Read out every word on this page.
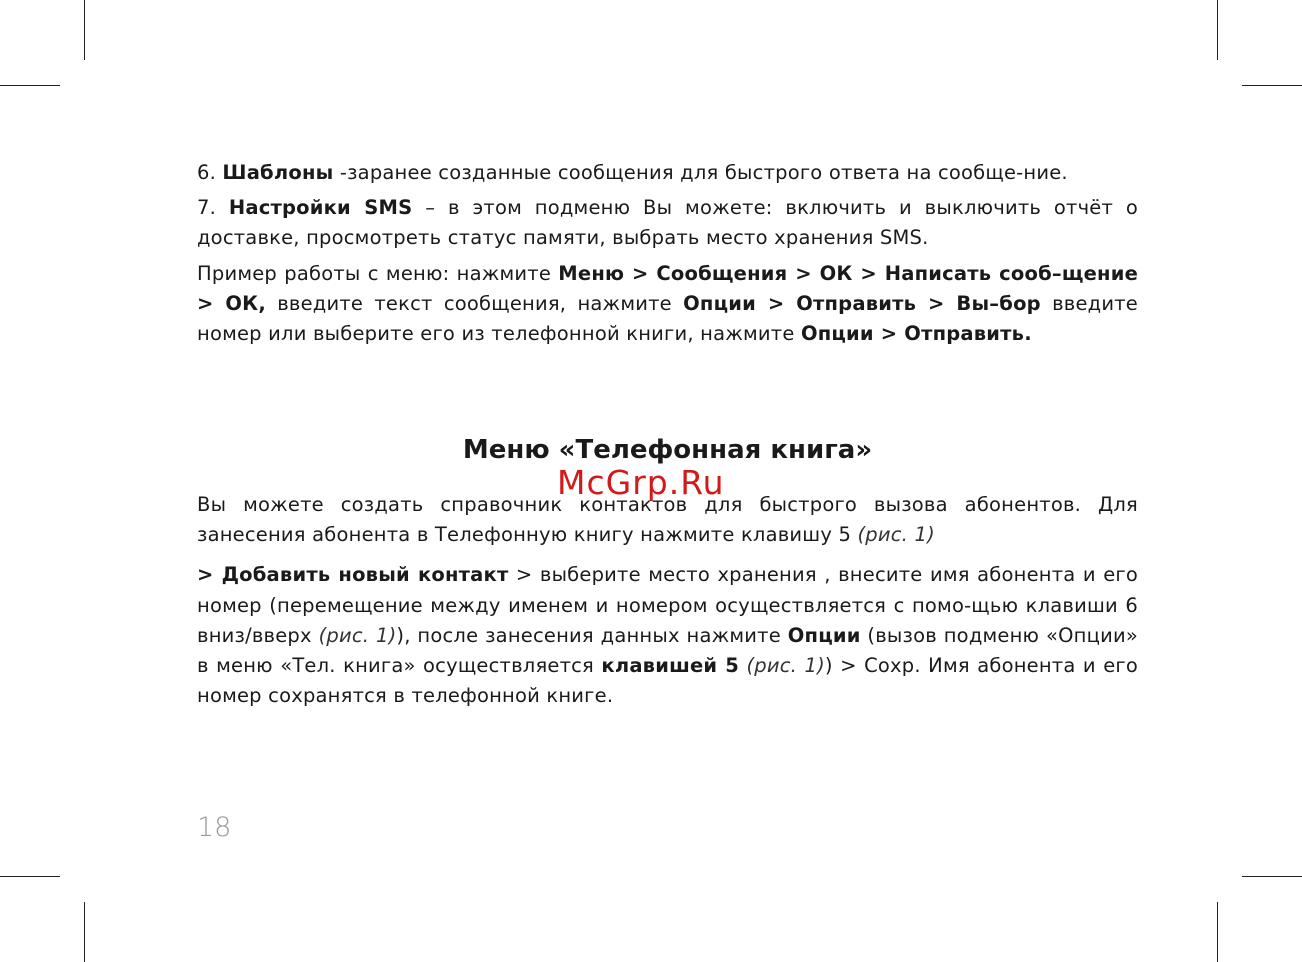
6. Шаблоны -заранее созданные сообщения для быстрого ответа на сообще-ние.

7. Настройки SMS – в этом подменю Вы можете: включить и выключить отчёт о доставке, просмотреть статус памяти, выбрать место хранения SMS.

Пример работы с меню: нажмите Меню > Сообщения > ОК > Написать сооб–щение > ОК, введите текст сообщения, нажмите Опции > Отправить > Вы–бор введите номер или выберите его из телефонной книги, нажмите Опции > Отправить.

Меню «Телефонная книга»
McGrp.Ru

Вы можете создать справочник контактов для быстрого вызова абонентов. Для занесения абонента в Телефонную книгу нажмите клавишу 5 (рис. 1)

> Добавить новый контакт > выберите место хранения , внесите имя абонента и его номер (перемещение между именем и номером осуществляется с помо-щью клавиши 6 вниз/вверх (рис. 1)), после занесения данных нажмите Опции (вызов подменю «Опции» в меню «Тел. книга» осуществляется клавишей 5 (рис. 1)) > Сохр. Имя абонента и его номер сохранятся в телефонной книге.

18
